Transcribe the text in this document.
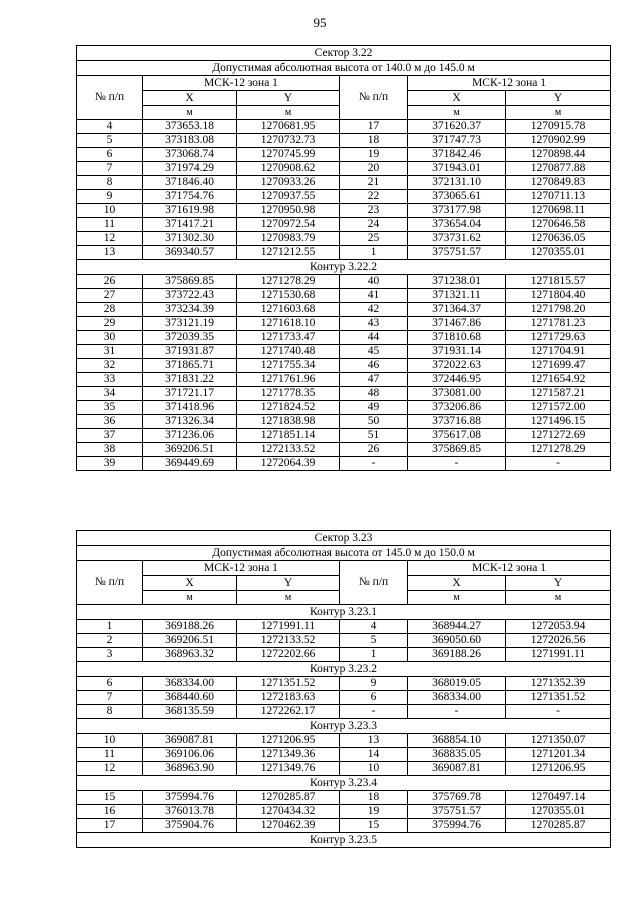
95
Сектор 3.22					
Допустимая абсолютная высота от 140.0 м до 145.0 м					
№ п/п	МСК-12 зона 1		№ п/п	МСК-12 зона 1	
	X	Y		X	Y
	м	м		м	м
4	373653.18	1270681.95	17	371620.37	1270915.78
5	373183.08	1270732.73	18	371747.73	1270902.99
6	373068.74	1270745.99	19	371842.46	1270898.44
7	371974.29	1270908.62	20	371943.01	1270877.88
8	371846.40	1270933.26	21	372131.10	1270849.83
9	371754.76	1270937.55	22	373065.61	1270711.13
10	371619.98	1270950.98	23	373177.98	1270698.11
11	371417.21	1270972.54	24	373654.04	1270646.58
12	371302.30	1270983.79	25	373731.62	1270636.05
13	369340.57	1271212.55	1	375751.57	1270355.01
Контур 3.22.2					
26	375869.85	1271278.29	40	371238.01	1271815.57
27	373722.43	1271530.68	41	371321.11	1271804.40
28	373234.39	1271603.68	42	371364.37	1271798.20
29	373121.19	1271618.10	43	371467.86	1271781.23
30	372039.35	1271733.47	44	371810.68	1271729.63
31	371931.87	1271740.48	45	371931.14	1271704.91
32	371865.71	1271755.34	46	372022.63	1271699.47
33	371831.22	1271761.96	47	372446.95	1271654.92
34	371721.17	1271778.35	48	373081.00	1271587.21
35	371418.96	1271824.52	49	373206.86	1271572.00
36	371326.34	1271838.98	50	373716.88	1271496.15
37	371236.06	1271851.14	51	375617.08	1271272.69
38	369206.51	1272133.52	26	375869.85	1271278.29
39	369449.69	1272064.39	-	-	-
Сектор 3.23					
Допустимая абсолютная высота от 145.0 м до 150.0 м					
№ п/п	МСК-12 зона 1		№ п/п	МСК-12 зона 1	
	X	Y		X	Y
	м	м		м	м
Контур 3.23.1					
1	369188.26	1271991.11	4	368944.27	1272053.94
2	369206.51	1272133.52	5	369050.60	1272026.56
3	368963.32	1272202.66	1	369188.26	1271991.11
Контур 3.23.2					
6	368334.00	1271351.52	9	368019.05	1271352.39
7	368440.60	1272183.63	6	368334.00	1271351.52
8	368135.59	1272262.17	-	-	-
Контур 3.23.3					
10	369087.81	1271206.95	13	368854.10	1271350.07
11	369106.06	1271349.36	14	368835.05	1271201.34
12	368963.90	1271349.76	10	369087.81	1271206.95
Контур 3.23.4					
15	375994.76	1270285.87	18	375769.78	1270497.14
16	376013.78	1270434.32	19	375751.57	1270355.01
17	375904.76	1270462.39	15	375994.76	1270285.87
Контур 3.23.5					
